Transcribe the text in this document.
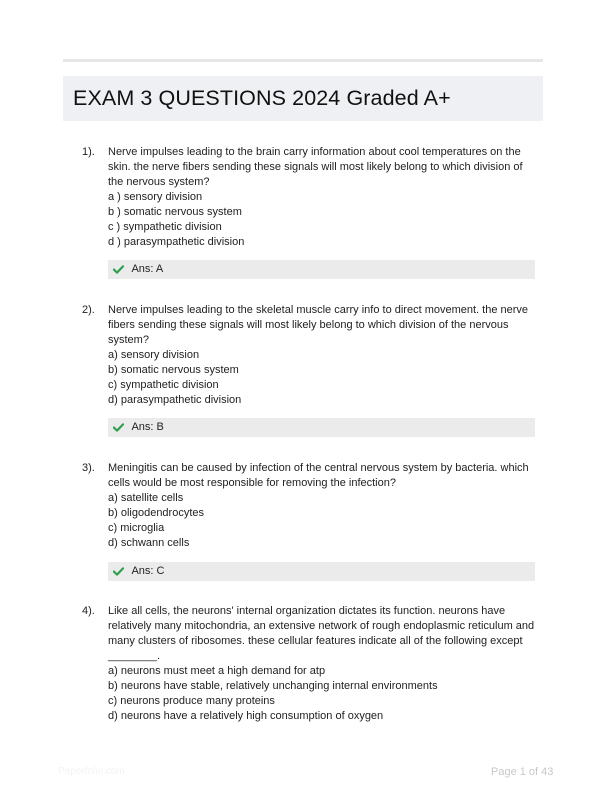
EXAM 3 QUESTIONS 2024 Graded A+
1). Nerve impulses leading to the brain carry information about cool temperatures on the skin. the nerve fibers sending these signals will most likely belong to which division of the nervous system?

a ) sensory division

b ) somatic nervous system

c ) sympathetic division

d ) parasympathetic division

Ans: A
2). Nerve impulses leading to the skeletal muscle carry info to direct movement. the nerve fibers sending these signals will most likely belong to which division of the nervous system?

a) sensory division

b) somatic nervous system

c) sympathetic division

d) parasympathetic division

Ans: B
3). Meningitis can be caused by infection of the central nervous system by bacteria. which cells would be most responsible for removing the infection?

a) satellite cells

b) oligodendrocytes

c) microglia

d) schwann cells

Ans: C
4). Like all cells, the neurons' internal organization dictates its function. neurons have relatively many mitochondria, an extensive network of rough endoplasmic reticulum and many clusters of ribosomes. these cellular features indicate all of the following except

________.

a) neurons must meet a high demand for atp

b) neurons have stable, relatively unchanging internal environments

c) neurons produce many proteins

d) neurons have a relatively high consumption of oxygen

Paperfolio.com	Page 1 of 43
